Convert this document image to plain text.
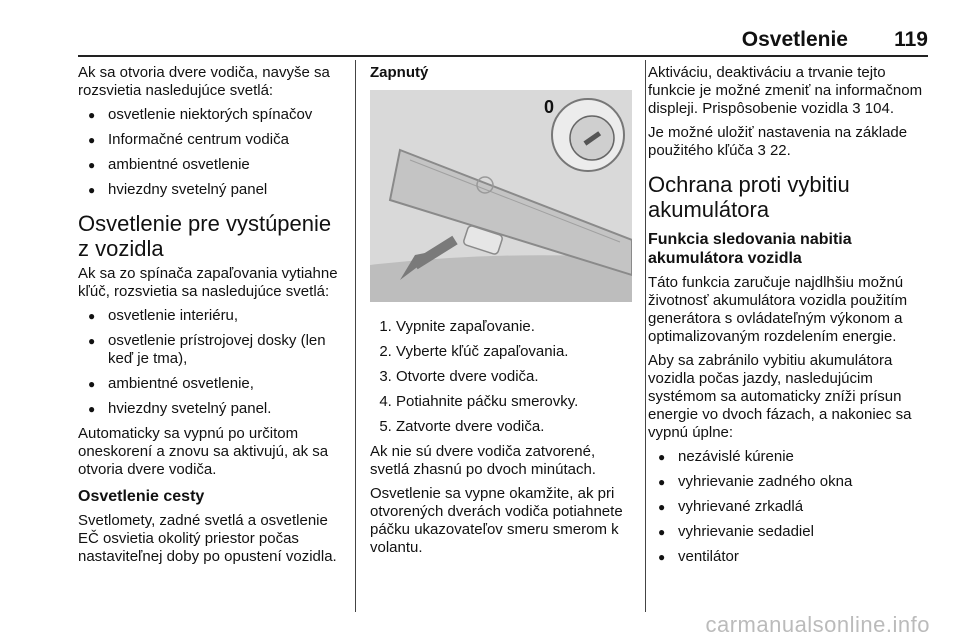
Osvetlenie 119

Ak sa otvoria dvere vodiča, navyše sa rozsvietia nasledujúce svetlá:

● osvetlenie niektorých spínačov
● Informačné centrum vodiča
● ambientné osvetlenie
● hviezdny svetelný panel
Osvetlenie pre vystúpenie z vozidla

Ak sa zo spínača zapaľovania vytiahne kľúč, rozsvietia sa nasledujúce svetlá:

● osvetlenie interiéru,
● osvetlenie prístrojovej dosky (len keď je tma),
● ambientné osvetlenie,
● hviezdny svetelný panel.

Automaticky sa vypnú po určitom oneskorení a znovu sa aktivujú, ak sa otvoria dvere vodiča.

Osvetlenie cesty

Svetlomety, zadné svetlá a osvetlenie EČ osvietia okolitý priestor počas nastaviteľnej doby po opustení vozidla.

Zapnutý
0
1. Vypnite zapaľovanie.
2. Vyberte kľúč zapaľovania.
3. Otvorte dvere vodiča.
4. Potiahnite páčku smerovky.
5. Zatvorte dvere vodiča.

Ak nie sú dvere vodiča zatvorené, svetlá zhasnú po dvoch minútach.

Osvetlenie sa vypne okamžite, ak pri otvorených dverách vodiča potiahnete páčku ukazovateľov smeru smerom k volantu.

Aktiváciu, deaktiváciu a trvanie tejto funkcie je možné zmeniť na informačnom displeji. Prispôsobenie vozidla 3 104.

Je možné uložiť nastavenia na základe použitého kľúča 3 22.

Ochrana proti vybitiu akumulátora
Funkcia sledovania nabitia akumulátora vozidla

Táto funkcia zaručuje najdlhšiu možnú životnosť akumulátora vozidla použitím generátora s ovládateľným výkonom a optimalizovaným rozdelením energie.

Aby sa zabránilo vybitiu akumulátora vozidla počas jazdy, nasledujúcim systémom sa automaticky zníži prísun energie vo dvoch fázach, a nakoniec sa vypnú úplne:

● nezávislé kúrenie
● vyhrievanie zadného okna
● vyhrievané zrkadlá
● vyhrievanie sedadiel
● ventilátor
carmanualsonline.info
